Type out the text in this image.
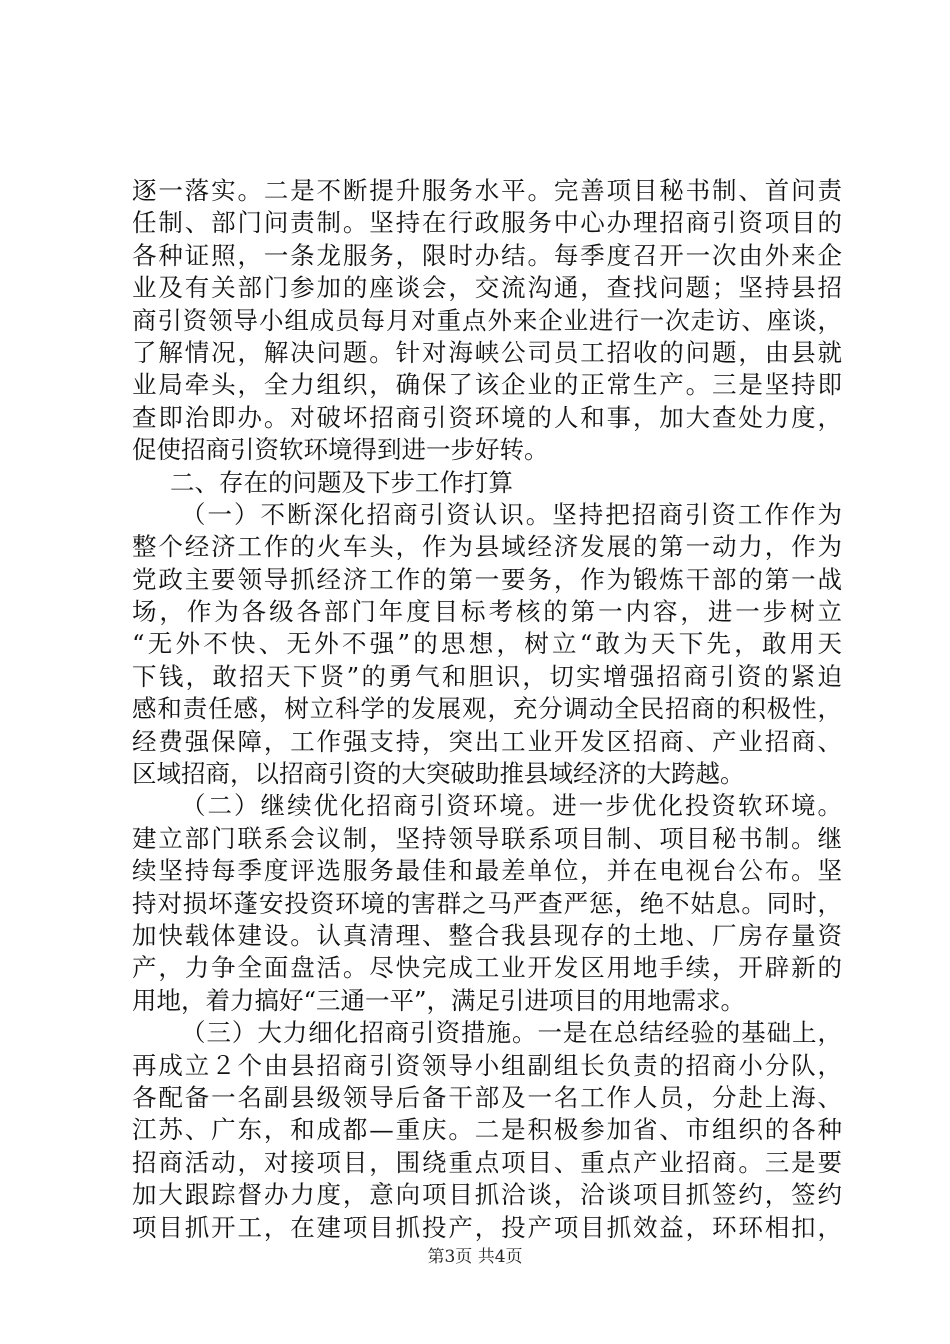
逐一落实。二是不断提升服务水平。完善项目秘书制、首问责
任制、部门问责制。坚持在行政服务中心办理招商引资项目的
各种证照，一条龙服务，限时办结。每季度召开一次由外来企
业及有关部门参加的座谈会，交流沟通，查找问题；坚持县招
商引资领导小组成员每月对重点外来企业进行一次走访、座谈，
了解情况，解决问题。针对海峡公司员工招收的问题，由县就
业局牵头，全力组织，确保了该企业的正常生产。三是坚持即
查即治即办。对破坏招商引资环境的人和事，加大查处力度，
促使招商引资软环境得到进一步好转。
二、存在的问题及下步工作打算
（一）不断深化招商引资认识。坚持把招商引资工作作为
整个经济工作的火车头，作为县域经济发展的第一动力，作为
党政主要领导抓经济工作的第一要务，作为锻炼干部的第一战
场，作为各级各部门年度目标考核的第一内容，进一步树立
“无外不快、无外不强”的思想，树立“敢为天下先，敢用天
下钱，敢招天下贤”的勇气和胆识，切实增强招商引资的紧迫
感和责任感，树立科学的发展观，充分调动全民招商的积极性，
经费强保障，工作强支持，突出工业开发区招商、产业招商、
区域招商，以招商引资的大突破助推县域经济的大跨越。
（二）继续优化招商引资环境。进一步优化投资软环境。
建立部门联系会议制，坚持领导联系项目制、项目秘书制。继
续坚持每季度评选服务最佳和最差单位，并在电视台公布。坚
持对损坏蓬安投资环境的害群之马严查严惩，绝不姑息。同时，
加快载体建设。认真清理、整合我县现存的土地、厂房存量资
产，力争全面盘活。尽快完成工业开发区用地手续，开辟新的
用地，着力搞好“三通一平”，满足引进项目的用地需求。
（三）大力细化招商引资措施。一是在总结经验的基础上，
再成立２个由县招商引资领导小组副组长负责的招商小分队，
各配备一名副县级领导后备干部及一名工作人员，分赴上海、
江苏、广东，和成都—重庆。二是积极参加省、市组织的各种
招商活动，对接项目，围绕重点项目、重点产业招商。三是要
加大跟踪督办力度，意向项目抓洽谈，洽谈项目抓签约，签约
项目抓开工，在建项目抓投产，投产项目抓效益，环环相扣，
第3页 共4页
